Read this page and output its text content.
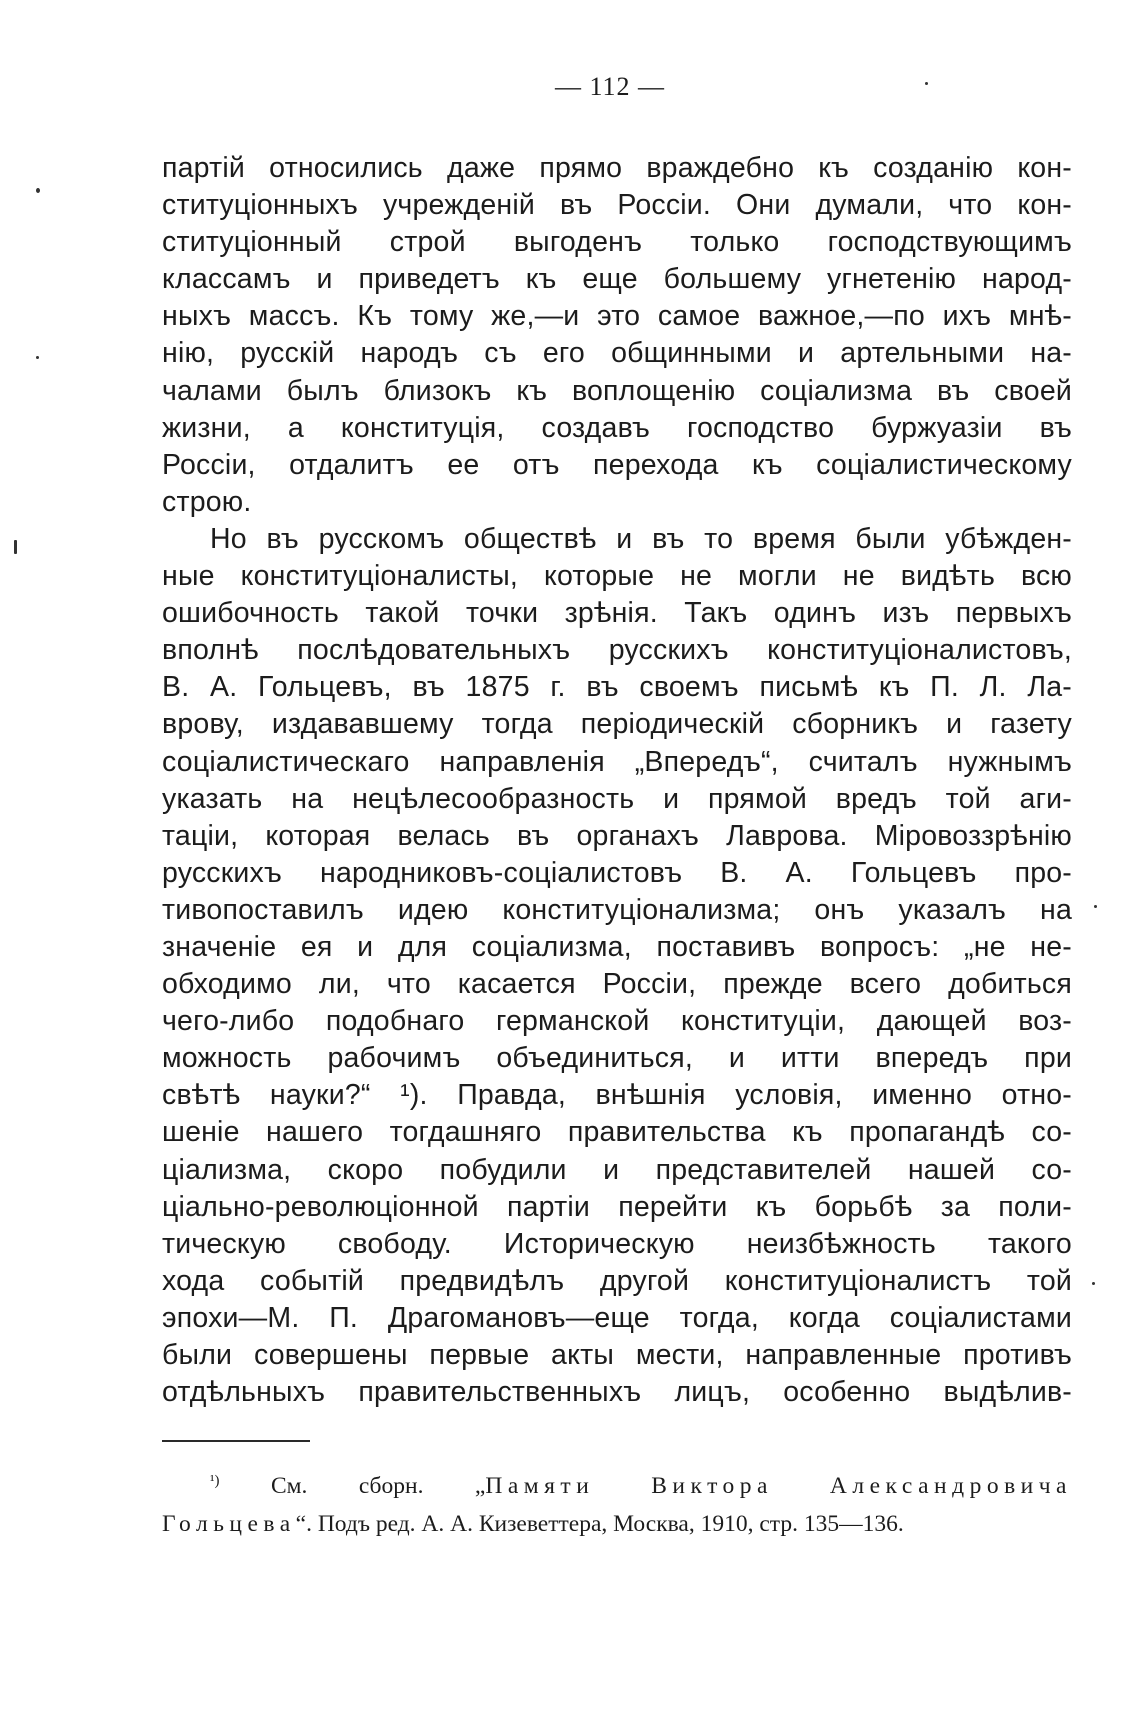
— 112 —
партій относились даже прямо враждебно къ созданію кон-
ституціонныхъ учрежденій въ Россіи. Они думали, что кон-
ституціонный строй выгоденъ только господствующимъ
классамъ и приведетъ къ еще большему угнетенію народ-
ныхъ массъ. Къ тому же,—и это самое важное,—по ихъ мнѣ-
нію, русскій народъ съ его общинными и артельными на-
чалами былъ близокъ къ воплощенію соціализма въ своей
жизни, а конституція, создавъ господство буржуазіи въ
Россіи, отдалитъ ее отъ перехода къ соціалистическому
строю.
Но въ русскомъ обществѣ и въ то время были убѣжден-
ные конституціоналисты, которые не могли не видѣть всю
ошибочность такой точки зрѣнія. Такъ одинъ изъ первыхъ
вполнѣ послѣдовательныхъ русскихъ конституціоналистовъ,
В. А. Гольцевъ, въ 1875 г. въ своемъ письмѣ къ П. Л. Ла-
врову, издававшему тогда періодическій сборникъ и газету
соціалистическаго направленія „Впередъ“, считалъ нужнымъ
указать на нецѣлесообразность и прямой вредъ той аги-
таціи, которая велась въ органахъ Лаврова. Міровоззрѣнію
русскихъ народниковъ-соціалистовъ В. А. Гольцевъ про-
тивопоставилъ идею конституціонализма; онъ указалъ на
значеніе ея и для соціализма, поставивъ вопросъ: „не не-
обходимо ли, что касается Россіи, прежде всего добиться
чего-либо подобнаго германской конституціи, дающей воз-
можность рабочимъ объединиться, и итти впередъ при
свѣтѣ науки?“ ¹). Правда, внѣшнія условія, именно отно-
шеніе нашего тогдашняго правительства къ пропагандѣ со-
ціализма, скоро побудили и представителей нашей со-
ціально-революціонной партіи перейти къ борьбѣ за поли-
тическую свободу. Историческую неизбѣжность такого
хода событій предвидѣлъ другой конституціоналистъ той
эпохи—М. П. Драгомановъ—еще тогда, когда соціалистами
были совершены первые акты мести, направленные противъ
отдѣльныхъ правительственныхъ лицъ, особенно выдѣлив-
$^{^1)}$ См. сборн. „Памяти Виктора Александровича
Гольцева“. Подъ ред. А. А. Кизеветтера, Москва, 1910, стр. 135—136.
